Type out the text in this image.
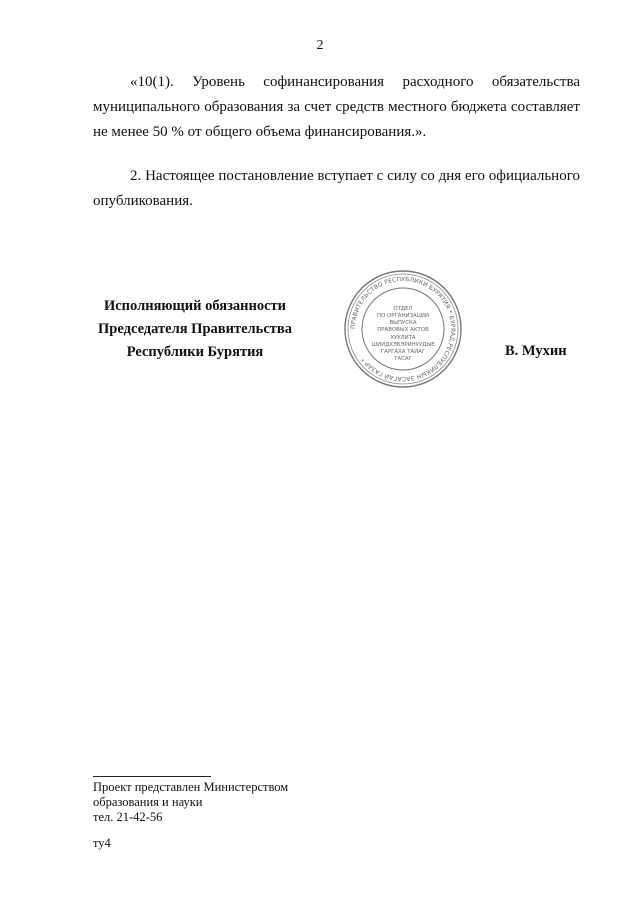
2

«10(1). Уровень софинансирования расходного обязательства муниципального образования за счет средств местного бюджета составляет не менее 50 % от общего объема финансирования.».

2. Настоящее постановление вступает с силу со дня его официального опубликования.

Исполняющий обязанности
Председателя Правительства
Республики Бурятия
ПРАВИТЕЛЬСТВО РЕСПУБЛИКИ БУРЯТИЯ * БУРЯАД РЕСПУБЛИКЫН ЗАСАГАЙ ГАЗАР *
ОТДЕЛ
ПО ОРГАНИЗАЦИИ
ВЫПУСКА
ПРАВОВЫХ АКТОВ
ХУУЛИТА
ШИИДХЭБЭРИНУУДЫЕ
ГАРГАХА ТАЙАГ
ТАСАГ	В. Мухин
Проект представлен Министерством
образования и науки
тел. 21-42-56
ту4
